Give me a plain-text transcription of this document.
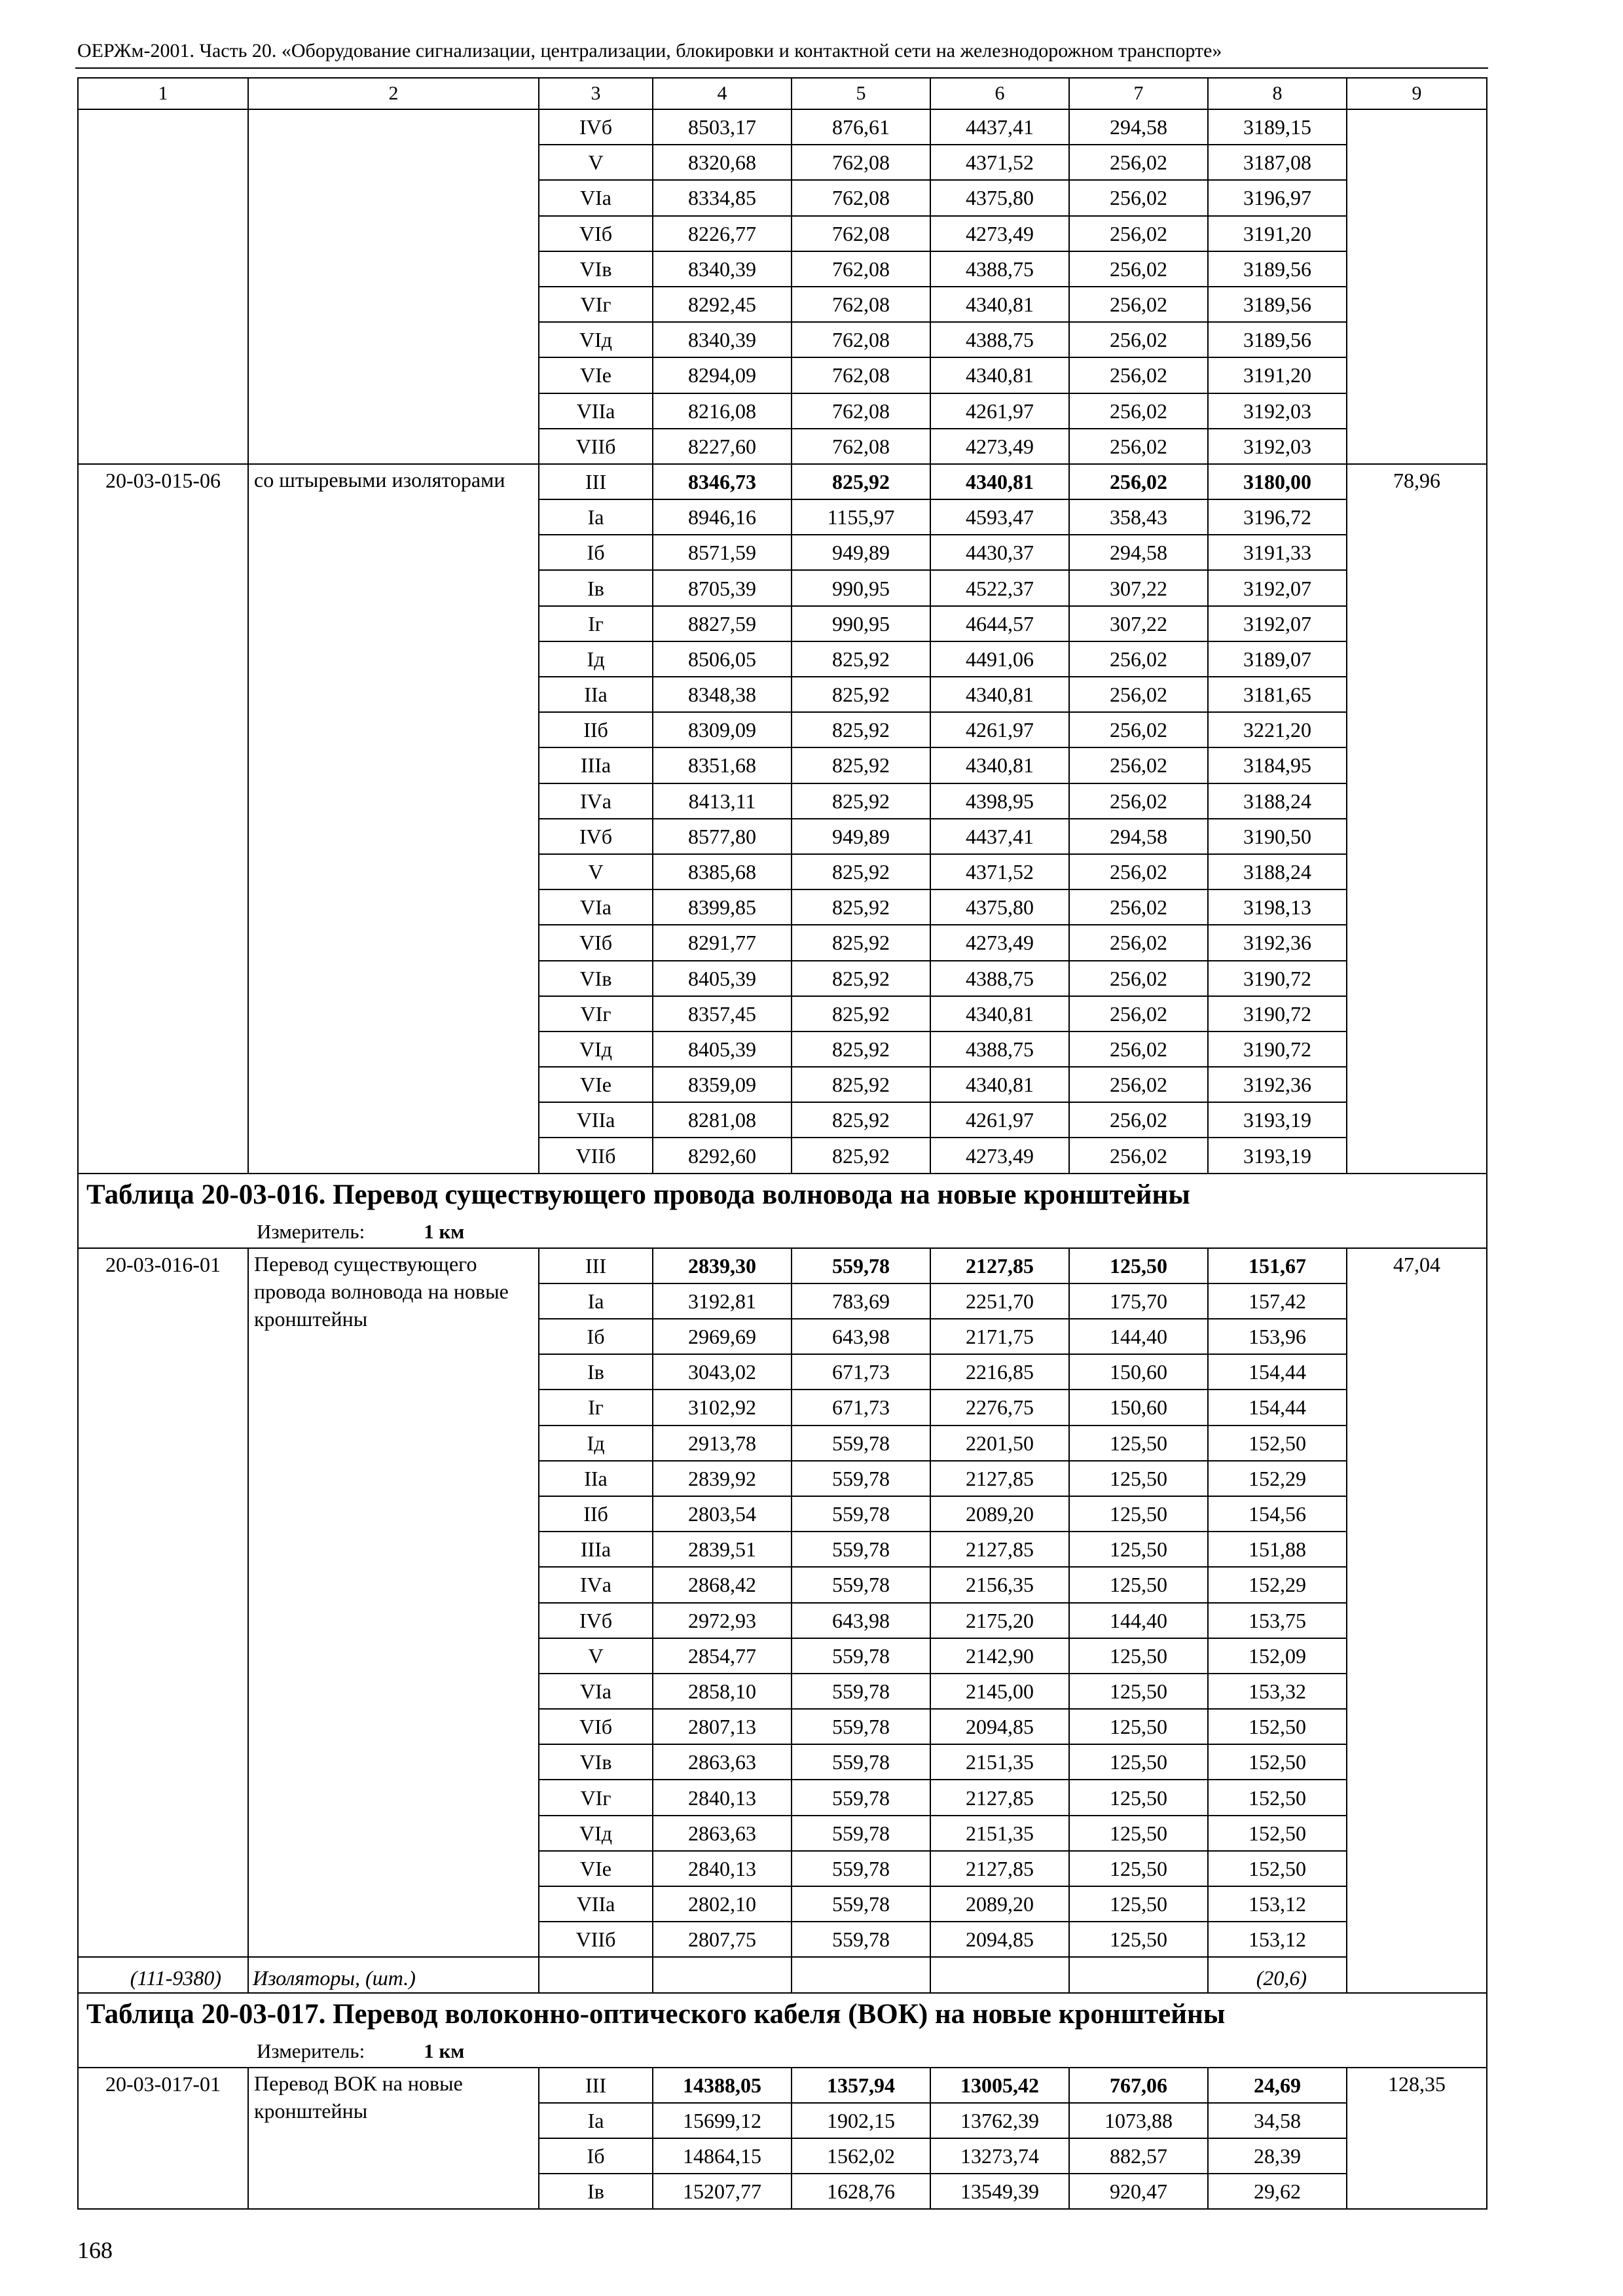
ОЕРЖм-2001. Часть 20. «Оборудование сигнализации, централизации, блокировки и контактной сети на железнодорожном транспорте»
1	2	3	4	5	6	7	8	9
		IVб	8503,17	876,61	4437,41	294,58	3189,15	
		V	8320,68	762,08	4371,52	256,02	3187,08	
		VIа	8334,85	762,08	4375,80	256,02	3196,97	
		VIб	8226,77	762,08	4273,49	256,02	3191,20	
		VIв	8340,39	762,08	4388,75	256,02	3189,56	
		VIг	8292,45	762,08	4340,81	256,02	3189,56	
		VIд	8340,39	762,08	4388,75	256,02	3189,56	
		VIе	8294,09	762,08	4340,81	256,02	3191,20	
		VIIа	8216,08	762,08	4261,97	256,02	3192,03	
		VIIб	8227,60	762,08	4273,49	256,02	3192,03	
20-03-015-06	со штыревыми изоляторами	III	8346,73	825,92	4340,81	256,02	3180,00	78,96
		Iа	8946,16	1155,97	4593,47	358,43	3196,72	
		Iб	8571,59	949,89	4430,37	294,58	3191,33	
		Iв	8705,39	990,95	4522,37	307,22	3192,07	
		Iг	8827,59	990,95	4644,57	307,22	3192,07	
		Iд	8506,05	825,92	4491,06	256,02	3189,07	
		IIа	8348,38	825,92	4340,81	256,02	3181,65	
		IIб	8309,09	825,92	4261,97	256,02	3221,20	
		IIIа	8351,68	825,92	4340,81	256,02	3184,95	
		IVа	8413,11	825,92	4398,95	256,02	3188,24	
		IVб	8577,80	949,89	4437,41	294,58	3190,50	
		V	8385,68	825,92	4371,52	256,02	3188,24	
		VIа	8399,85	825,92	4375,80	256,02	3198,13	
		VIб	8291,77	825,92	4273,49	256,02	3192,36	
		VIв	8405,39	825,92	4388,75	256,02	3190,72	
		VIг	8357,45	825,92	4340,81	256,02	3190,72	
		VIд	8405,39	825,92	4388,75	256,02	3190,72	
		VIе	8359,09	825,92	4340,81	256,02	3192,36	
		VIIа	8281,08	825,92	4261,97	256,02	3193,19	
		VIIб	8292,60	825,92	4273,49	256,02	3193,19	
Таблица 20-03-016. Перевод существующего провода волновода на новые кронштейны								

Измеритель: 1 км								

20-03-016-01	Перевод существующего провода волновода на новые кронштейны	III	2839,30	559,78	2127,85	125,50	151,67	47,04
		Iа	3192,81	783,69	2251,70	175,70	157,42	
		Iб	2969,69	643,98	2171,75	144,40	153,96	
		Iв	3043,02	671,73	2216,85	150,60	154,44	
		Iг	3102,92	671,73	2276,75	150,60	154,44	
		Iд	2913,78	559,78	2201,50	125,50	152,50	
		IIа	2839,92	559,78	2127,85	125,50	152,29	
		IIб	2803,54	559,78	2089,20	125,50	154,56	
		IIIа	2839,51	559,78	2127,85	125,50	151,88	
		IVа	2868,42	559,78	2156,35	125,50	152,29	
		IVб	2972,93	643,98	2175,20	144,40	153,75	
		V	2854,77	559,78	2142,90	125,50	152,09	
		VIа	2858,10	559,78	2145,00	125,50	153,32	
		VIб	2807,13	559,78	2094,85	125,50	152,50	
		VIв	2863,63	559,78	2151,35	125,50	152,50	
		VIг	2840,13	559,78	2127,85	125,50	152,50	
		VIд	2863,63	559,78	2151,35	125,50	152,50	
		VIе	2840,13	559,78	2127,85	125,50	152,50	
		VIIа	2802,10	559,78	2089,20	125,50	153,12	
		VIIб	2807,75	559,78	2094,85	125,50	153,12	
(111-9380)	Изоляторы, (шт.)						(20,6)	
Таблица 20-03-017. Перевод волоконно-оптического кабеля (ВОК) на новые кронштейны								

Измеритель: 1 км								

20-03-017-01	Перевод ВОК на новые кронштейны	III	14388,05	1357,94	13005,42	767,06	24,69	128,35
		Iа	15699,12	1902,15	13762,39	1073,88	34,58	
		Iб	14864,15	1562,02	13273,74	882,57	28,39	
		Iв	15207,77	1628,76	13549,39	920,47	29,62	
168
